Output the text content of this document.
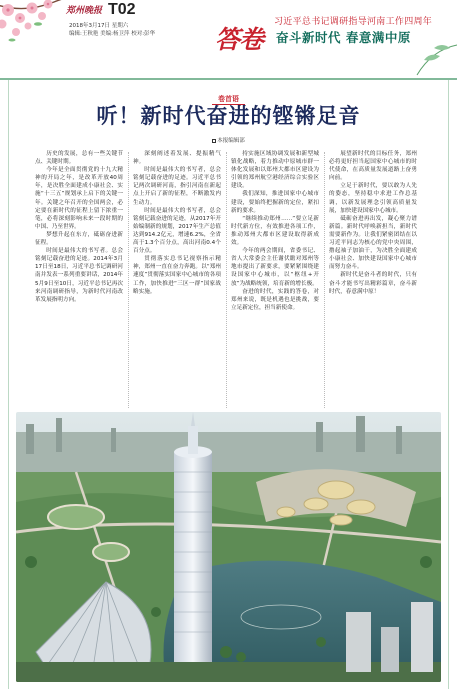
郑州晚报 T02
2018年3月17日 星期六
编辑:王秋艳 美编:杨卫萍 校对:彭华 答卷
习近平总书记调研指导河南工作四周年
奋斗新时代 春意满中原
卷首语
听！新时代奋进的铿锵足音
本报编辑部

历史的发展，总有一些关键节点、关键时期。

今年是全面贯彻党的十九大精神的开局之年，是改革开放40周年，是决胜全面建成小康社会、实施“十三五”规划承上启下的关键一年。关键之年召开的全国两会，必定要在新时代的征程上留下浓重一笔，必将深刻影响未来一段时期的中国、乃至世界。

梦想升起在东方，砥砺奋进新征程。

时间是最伟大的书写者。总会铭刻记载奋进的足迹。2014年3月17日至18日，习近平总书记调研河南并发表一系列重要讲话，2014年5月9日至10日，习近平总书记再次来河南调研指导，为新时代河南改革发展指明方向。

深刻阐述着发展、提振精气神。

时间是最伟大的书写者，总会铭刻记载奋进的足迹。习近平总书记两次调研河南，指引河南在新起点上开启了新的征程，不断激发内生动力。

时间是最伟大的书写者，总会铭刻记载奋进的足迹，从2017年开始编制新的规划，2017年生产总值达到914.2亿元，增速6.2%，全省高于1.3个百分点，高出河南0.4个百分点。

贯彻落实总书记视察指示精神，郑州一直在奋力奔跑。以“郑州速度”贯彻落实国家中心城市的各项工作，加快推进“三区一群”国家战略实施。

持实施区域协调发展和新型城镇化战略，着力推动中原城市群一体化发展和以郑州大都市区建设为引领的郑州航空港经济综合实验区建设。

我们深知，推进国家中心城市建设，要始终把握新的定位，紧扣新的要求。

“继续推动郑州……”要立足新时代新方位，有效推进各项工作，推动郑州大都市区建设取得新成效。

今年的两会期间，省委书记、省人大常委会主任谢伏瞻对郑州等地市提出了新要求，要紧紧围绕建设国家中心城市，以“枢纽+开放”为战略统领，培育新的增长极。

奋进的时代，实践的答卷，对郑州来说，既是机遇也是挑战，要立足新定位，担当新使命。

展望新时代的目标任务，郑州必将更好担当起国家中心城市的时代使命，在高质量发展道路上奋勇向前。

立足于新时代，要以敢为人先的姿态，坚持稳中求进工作总基调，以新发展理念引领高质量发展，加快建设国家中心城市。

砥砺奋进再出发，凝心聚力谱新篇。新时代呼唤新担当，新时代需要新作为。让我们紧密团结在以习近平同志为核心的党中央周围，撸起袖子加油干，为决胜全面建成小康社会、加快建设国家中心城市而努力奋斗。

新时代是奋斗者的时代，只有奋斗才能书写出精彩篇章，奋斗新时代，春意满中原！
